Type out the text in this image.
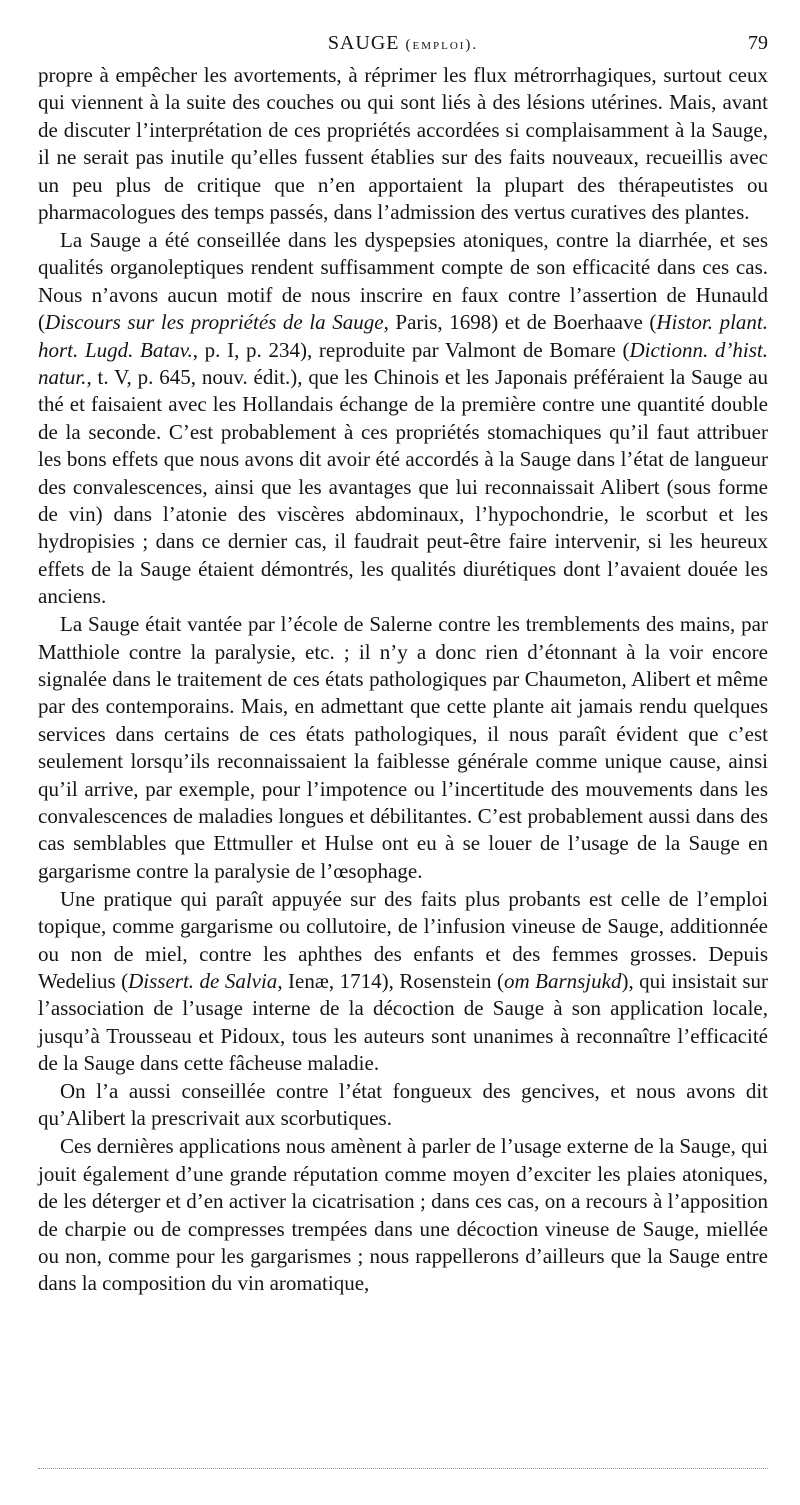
SAUGE (emploi).	79

propre à empêcher les avortements, à réprimer les flux métrorrhagiques, surtout ceux qui viennent à la suite des couches ou qui sont liés à des lésions utérines. Mais, avant de discuter l’interprétation de ces propriétés accordées si complaisamment à la Sauge, il ne serait pas inutile qu’elles fussent établies sur des faits nouveaux, recueillis avec un peu plus de critique que n’en apportaient la plupart des thérapeutistes ou pharmacologues des temps passés, dans l’admission des vertus curatives des plantes.

La Sauge a été conseillée dans les dyspepsies atoniques, contre la diarrhée, et ses qualités organoleptiques rendent suffisamment compte de son efficacité dans ces cas. Nous n’avons aucun motif de nous inscrire en faux contre l’assertion de Hunauld (Discours sur les propriétés de la Sauge, Paris, 1698) et de Boerhaave (Histor. plant. hort. Lugd. Batav., p. I, p. 234), reproduite par Valmont de Bomare (Dictionn. d’hist. natur., t. V, p. 645, nouv. édit.), que les Chinois et les Japonais préféraient la Sauge au thé et faisaient avec les Hollandais échange de la première contre une quantité double de la seconde. C’est probablement à ces propriétés stomachiques qu’il faut attribuer les bons effets que nous avons dit avoir été accordés à la Sauge dans l’état de langueur des convalescences, ainsi que les avantages que lui reconnaissait Alibert (sous forme de vin) dans l’atonie des viscères abdominaux, l’hypochondrie, le scorbut et les hydropisies ; dans ce dernier cas, il faudrait peut-être faire intervenir, si les heureux effets de la Sauge étaient démontrés, les qualités diurétiques dont l’avaient douée les anciens.

La Sauge était vantée par l’école de Salerne contre les tremblements des mains, par Matthiole contre la paralysie, etc. ; il n’y a donc rien d’étonnant à la voir encore signalée dans le traitement de ces états pathologiques par Chaumeton, Alibert et même par des contemporains. Mais, en admettant que cette plante ait jamais rendu quelques services dans certains de ces états pathologiques, il nous paraît évident que c’est seulement lorsqu’ils reconnaissaient la faiblesse générale comme unique cause, ainsi qu’il arrive, par exemple, pour l’impotence ou l’incertitude des mouvements dans les convalescences de maladies longues et débilitantes. C’est probablement aussi dans des cas semblables que Ettmuller et Hulse ont eu à se louer de l’usage de la Sauge en gargarisme contre la paralysie de l’œsophage.

Une pratique qui paraît appuyée sur des faits plus probants est celle de l’emploi topique, comme gargarisme ou collutoire, de l’infusion vineuse de Sauge, additionnée ou non de miel, contre les aphthes des enfants et des femmes grosses. Depuis Wedelius (Dissert. de Salvia, Ienæ, 1714), Rosenstein (om Barnsjukd), qui insistait sur l’association de l’usage interne de la décoction de Sauge à son application locale, jusqu’à Trousseau et Pidoux, tous les auteurs sont unanimes à reconnaître l’efficacité de la Sauge dans cette fâcheuse maladie.

On l’a aussi conseillée contre l’état fongueux des gencives, et nous avons dit qu’Alibert la prescrivait aux scorbutiques.

Ces dernières applications nous amènent à parler de l’usage externe de la Sauge, qui jouit également d’une grande réputation comme moyen d’exciter les plaies atoniques, de les déterger et d’en activer la cicatrisation ; dans ces cas, on a recours à l’apposition de charpie ou de compresses trempées dans une décoction vineuse de Sauge, miellée ou non, comme pour les gargarismes ; nous rappellerons d’ailleurs que la Sauge entre dans la composition du vin aromatique,
